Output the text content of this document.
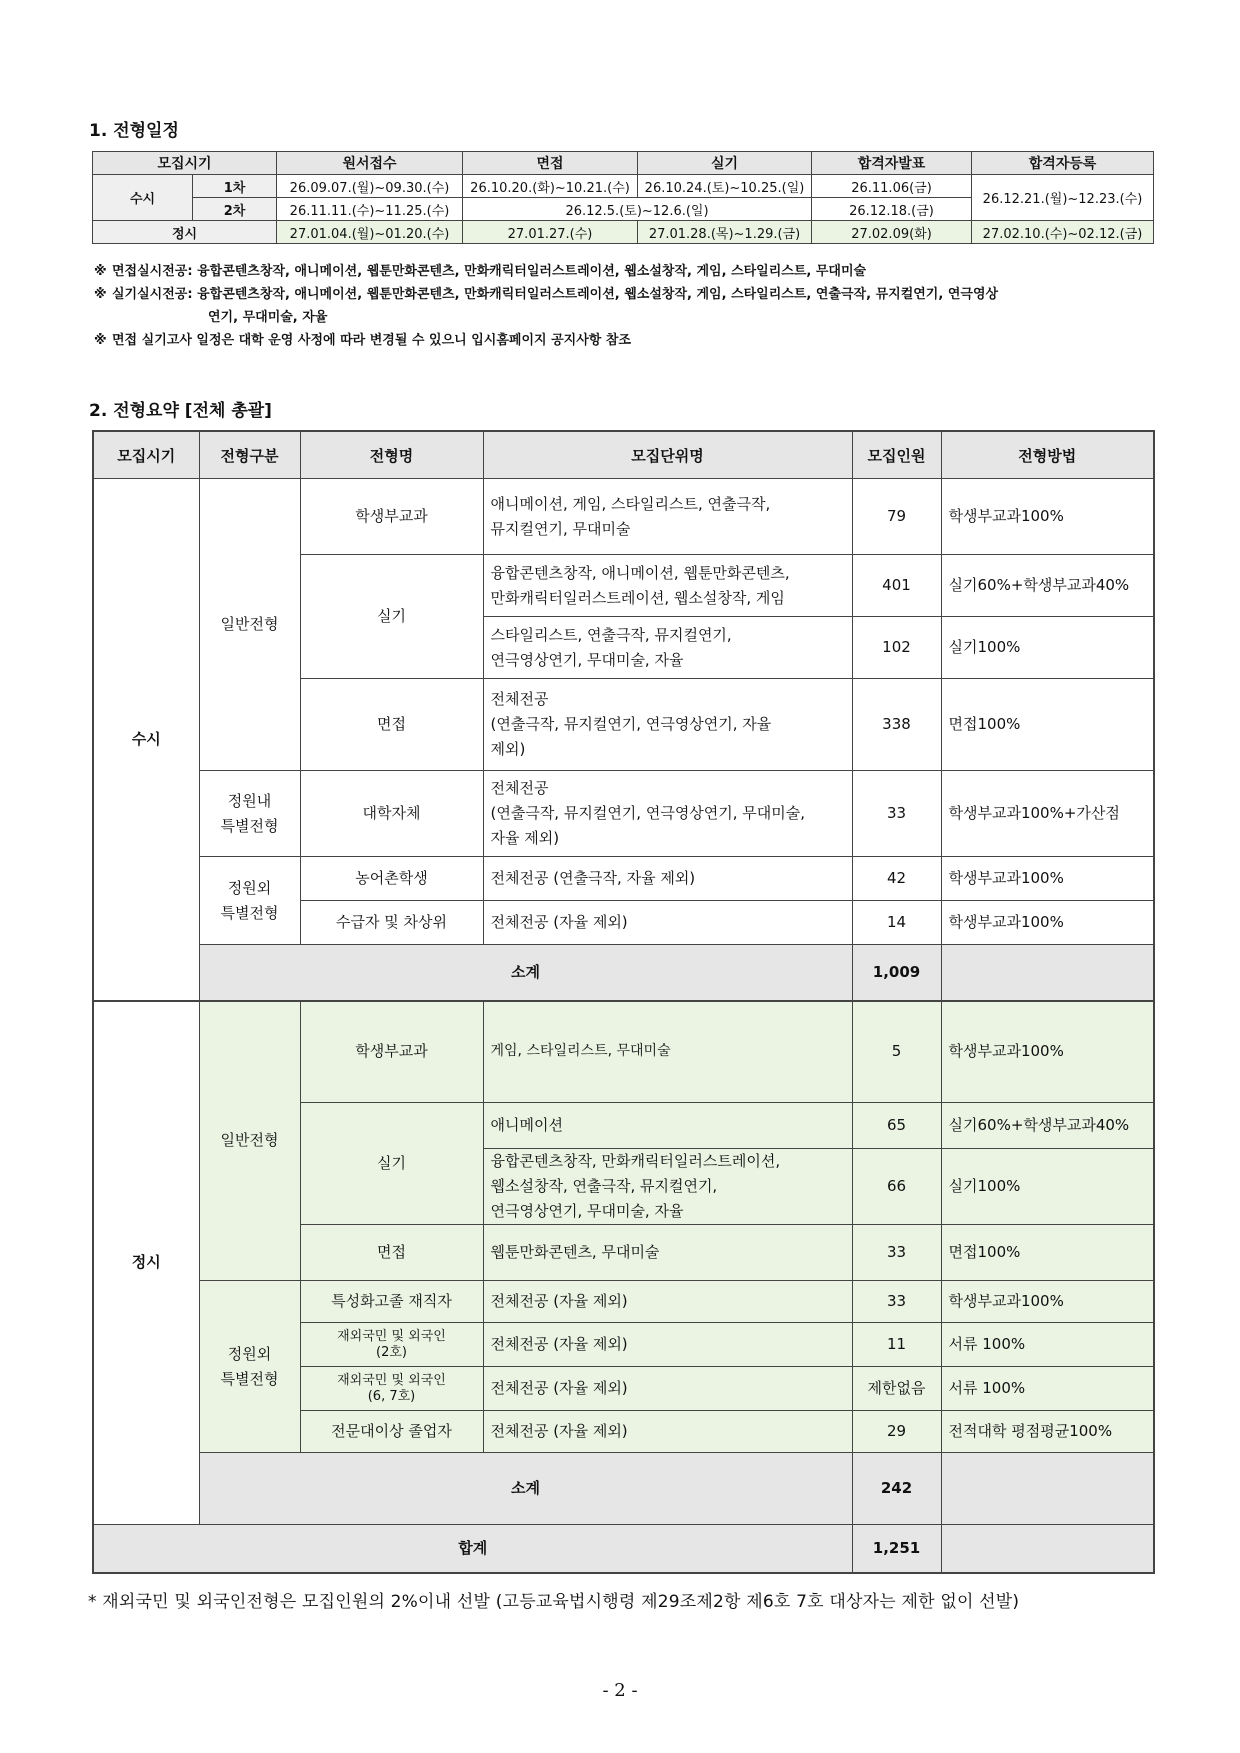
1. 전형일정
모집시기		원서접수	면접	실기	합격자발표	합격자등록
수시	1차	26.09.07.(월)~09.30.(수)	26.10.20.(화)~10.21.(수)	26.10.24.(토)~10.25.(일)	26.11.06(금)	26.12.21.(월)~12.23.(수)
	2차	26.11.11.(수)~11.25.(수)	26.12.5.(토)~12.6.(일)		26.12.18.(금)	
정시		27.01.04.(월)~01.20.(수)	27.01.27.(수)	27.01.28.(목)~1.29.(금)	27.02.09(화)	27.02.10.(수)~02.12.(금)
※ 면접실시전공: 융합콘텐츠창작, 애니메이션, 웹툰만화콘텐츠, 만화캐릭터일러스트레이션, 웹소설창작, 게임, 스타일리스트, 무대미술
※ 실기실시전공: 융합콘텐츠창작, 애니메이션, 웹툰만화콘텐츠, 만화캐릭터일러스트레이션, 웹소설창작, 게임, 스타일리스트, 연출극작, 뮤지컬연기, 연극영상
연기, 무대미술, 자율
※ 면접 실기고사 일정은 대학 운영 사정에 따라 변경될 수 있으니 입시홈페이지 공지사항 참조
2. 전형요약 [전체 총괄]
모집시기	전형구분	전형명	모집단위명	모집인원	전형방법
수시	일반전형	학생부교과	애니메이션, 게임, 스타일리스트, 연출극작,
뮤지컬연기, 무대미술	79	학생부교과100%
		실기	융합콘텐츠창작, 애니메이션, 웹툰만화콘텐츠,
만화캐릭터일러스트레이션, 웹소설창작, 게임	401	실기60%+학생부교과40%
			스타일리스트, 연출극작, 뮤지컬연기,
연극영상연기, 무대미술, 자율	102	실기100%
		면접	전체전공
(연출극작, 뮤지컬연기, 연극영상연기, 자율
제외)	338	면접100%
	정원내
특별전형	대학자체	전체전공
(연출극작, 뮤지컬연기, 연극영상연기, 무대미술,
자율 제외)	33	학생부교과100%+가산점
	정원외
특별전형	농어촌학생	전체전공 (연출극작, 자율 제외)	42	학생부교과100%
		수급자 및 차상위	전체전공 (자율 제외)	14	학생부교과100%
	소계			1,009	
정시	일반전형	학생부교과	게임, 스타일리스트, 무대미술	5	학생부교과100%
		실기	애니메이션	65	실기60%+학생부교과40%
			융합콘텐츠창작, 만화캐릭터일러스트레이션,
웹소설창작, 연출극작, 뮤지컬연기,
연극영상연기, 무대미술, 자율	66	실기100%
		면접	웹툰만화콘텐츠, 무대미술	33	면접100%
	정원외
특별전형	특성화고졸 재직자	전체전공 (자율 제외)	33	학생부교과100%
		재외국민 및 외국인
(2호)	전체전공 (자율 제외)	11	서류 100%
		재외국민 및 외국인
(6, 7호)	전체전공 (자율 제외)	제한없음	서류 100%
		전문대이상 졸업자	전체전공 (자율 제외)	29	전적대학 평점평균100%
	소계			242	
합계				1,251	
* 재외국민 및 외국인전형은 모집인원의 2%이내 선발 (고등교육법시행령 제29조제2항 제6호 7호 대상자는 제한 없이 선발)
- 2 -
